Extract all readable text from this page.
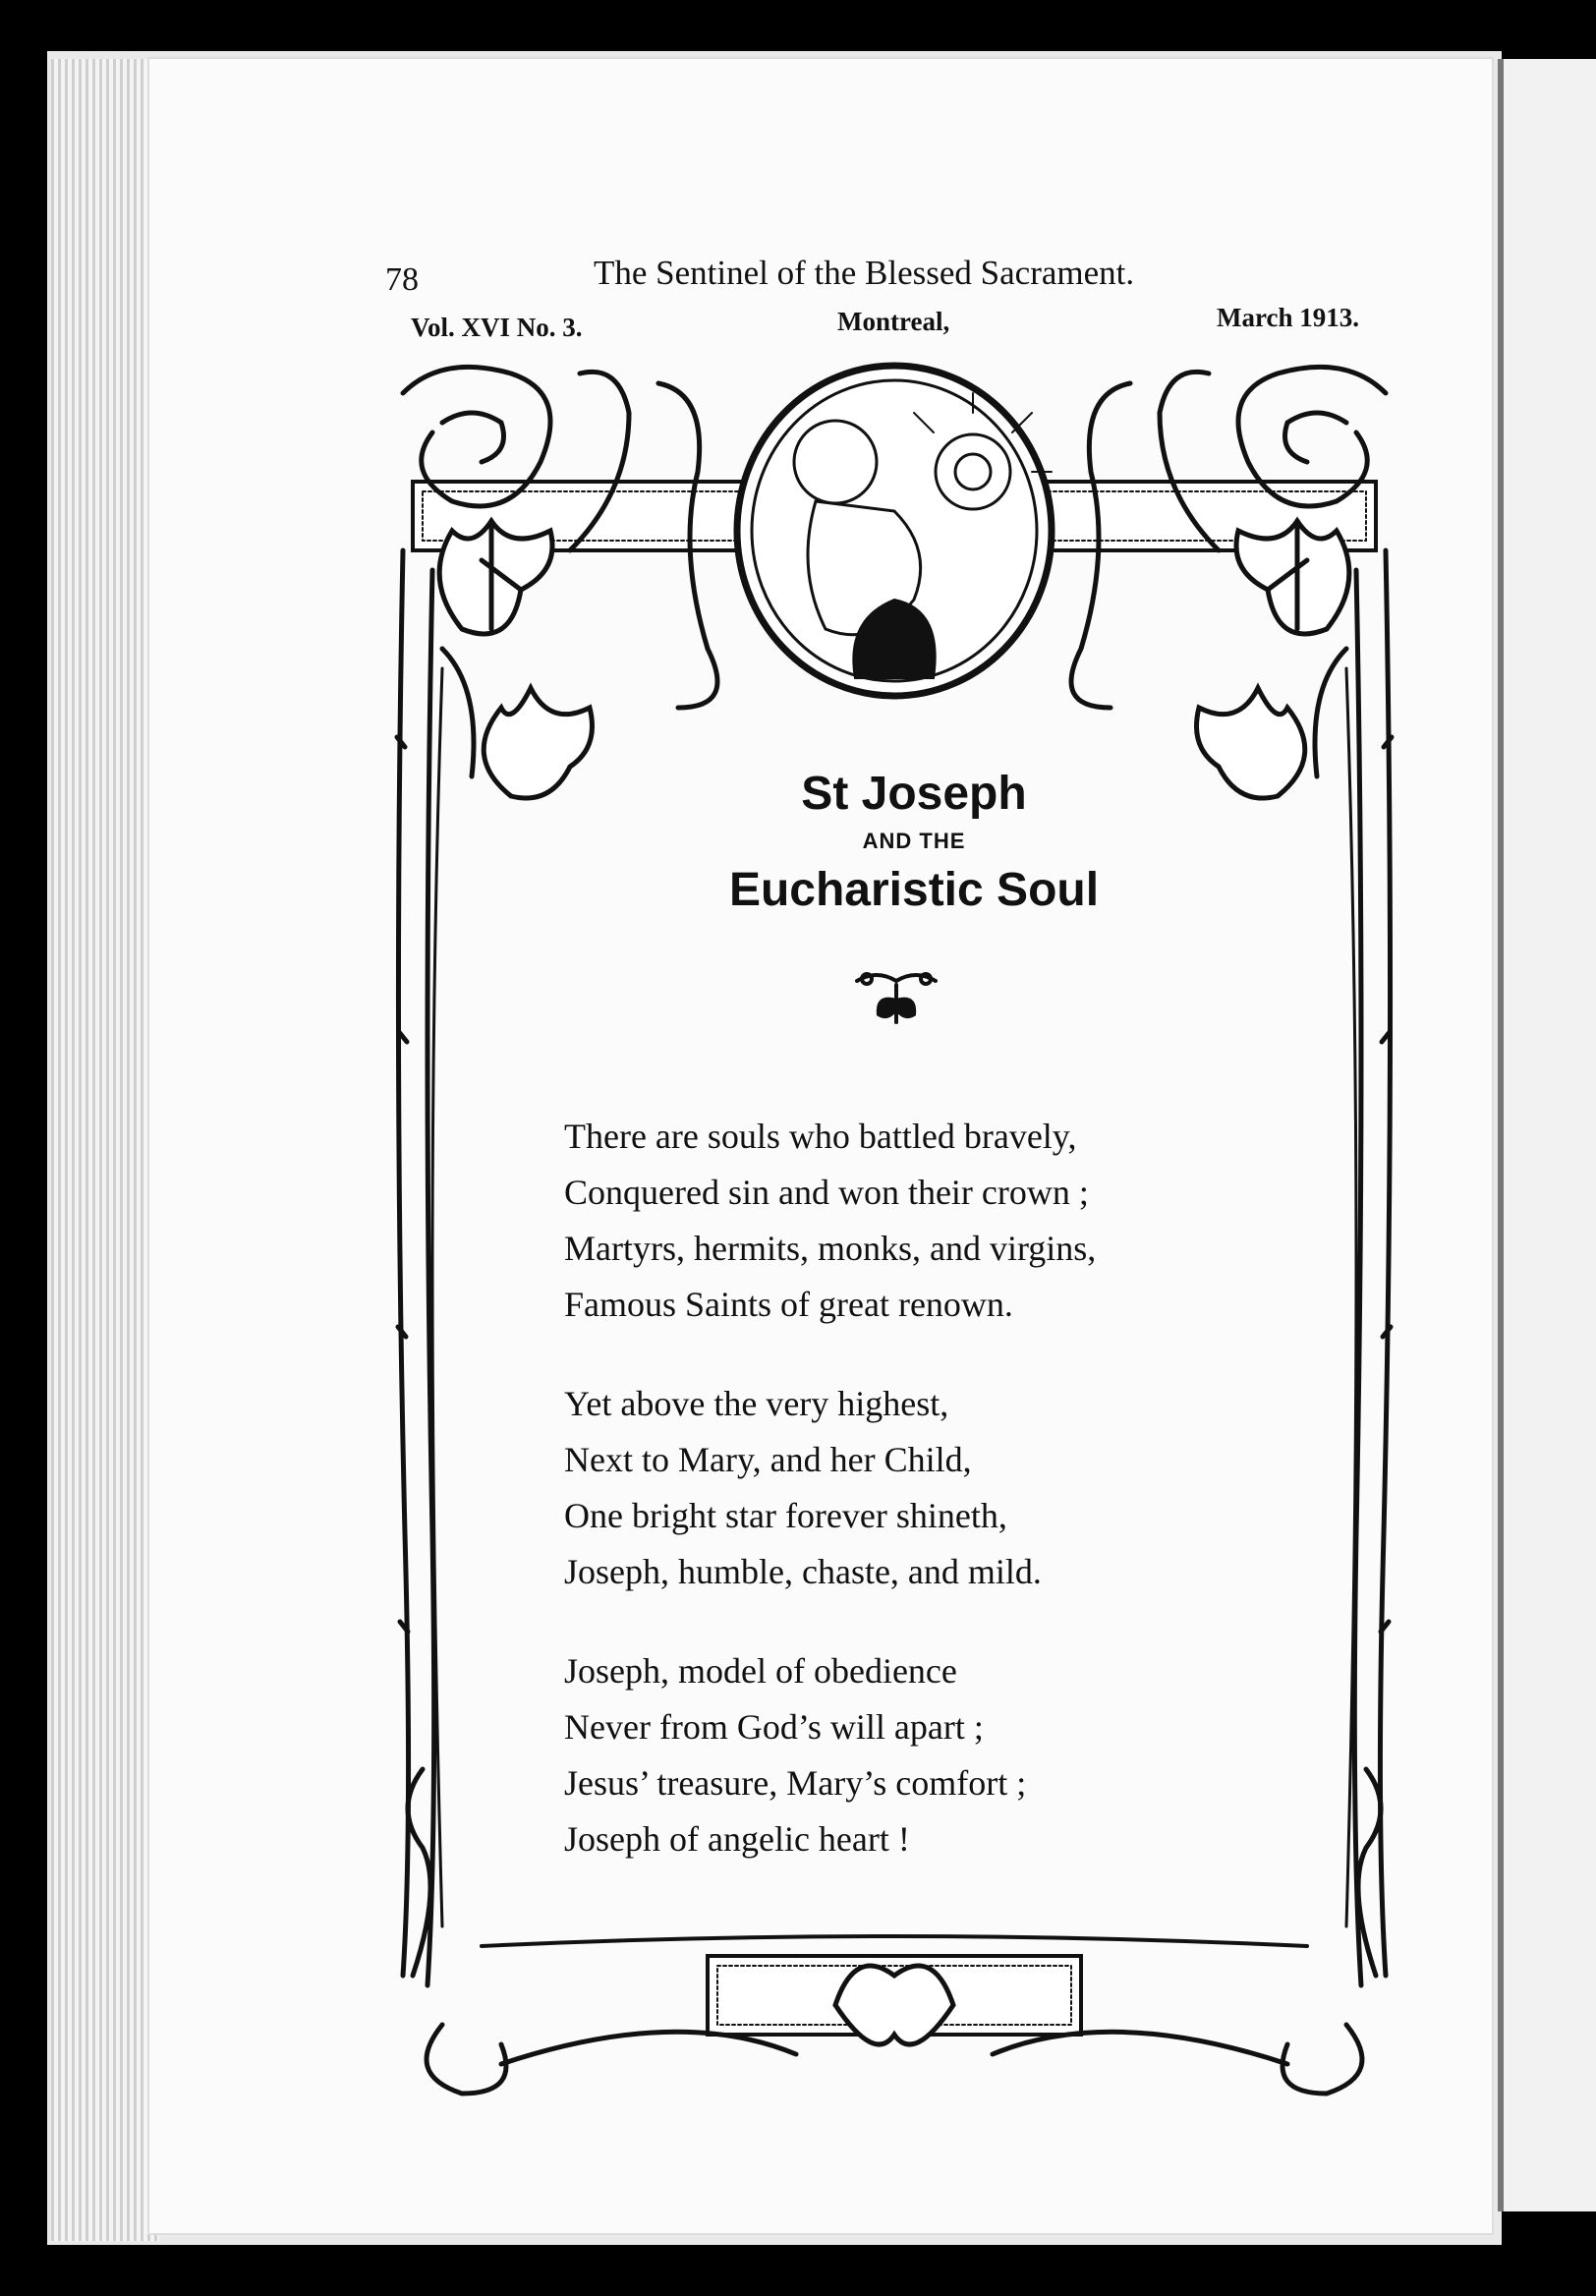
78	The Sentinel of the Blessed Sacrament.
Vol. XVI No. 3.	Montreal,	March 1913.
St Joseph
AND THE
Eucharistic Soul
There are souls who battled bravely,
Conquered sin and won their crown ;
Martyrs, hermits, monks, and virgins,
Famous Saints of great renown.
Yet above the very highest,
Next to Mary, and her Child,
One bright star forever shineth,
Joseph, humble, chaste, and mild.
Joseph, model of obedience
Never from God’s will apart ;
Jesus’ treasure, Mary’s comfort ;
Joseph of angelic heart !
